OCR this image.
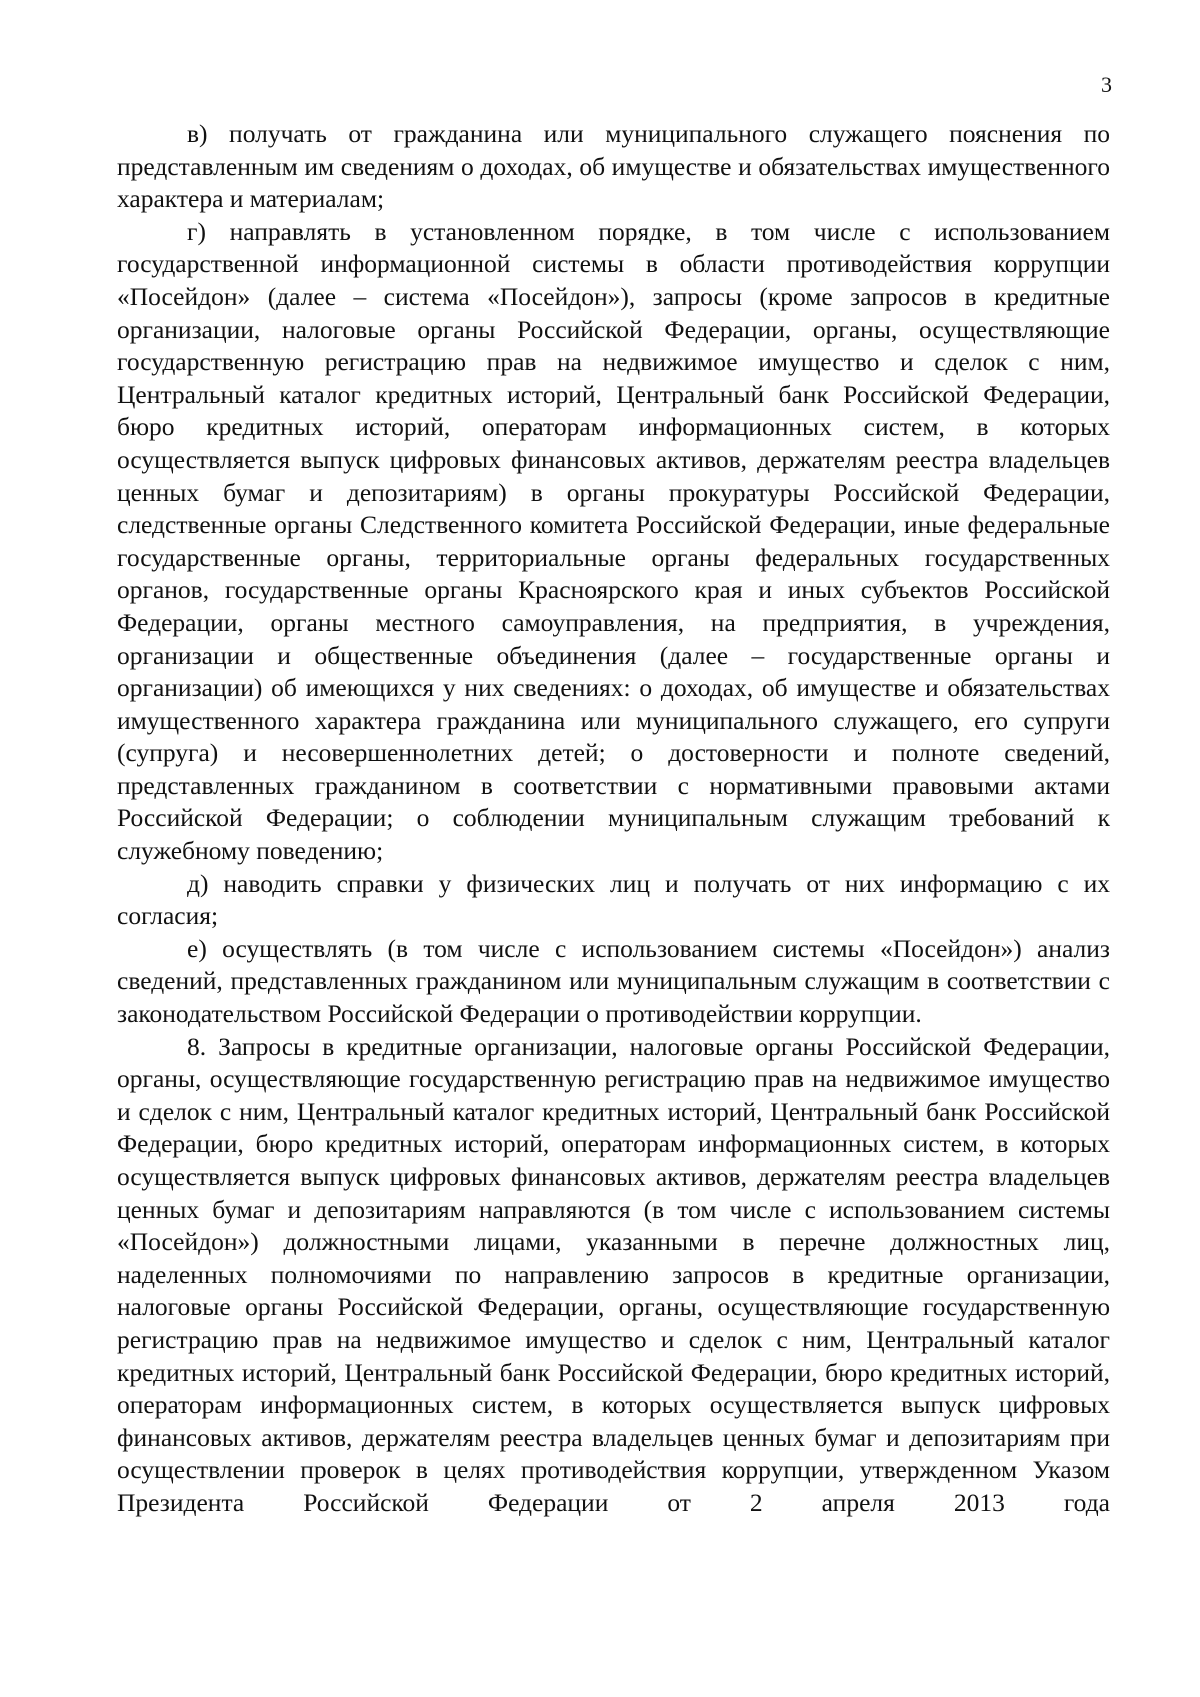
3

в) получать от гражданина или муниципального служащего пояснения по представленным им сведениям о доходах, об имуществе и обязательствах имущественного характера и материалам;

г) направлять в установленном порядке, в том числе с использованием государственной информационной системы в области противодействия коррупции «Посейдон» (далее – система «Посейдон»), запросы (кроме запросов в кредитные организации, налоговые органы Российской Федерации, органы, осуществляющие государственную регистрацию прав на недвижимое имущество и сделок с ним, Центральный каталог кредитных историй, Центральный банк Российской Федерации, бюро кредитных историй, операторам информационных систем, в которых осуществляется выпуск цифровых финансовых активов, держателям реестра владельцев ценных бумаг и депозитариям) в органы прокуратуры Российской Федерации, следственные органы Следственного комитета Российской Федерации, иные федеральные государственные органы, территориальные органы федеральных государственных органов, государственные органы Красноярского края и иных субъектов Российской Федерации, органы местного самоуправления, на предприятия, в учреждения, организации и общественные объединения (далее – государственные органы и организации) об имеющихся у них сведениях: о доходах, об имуществе и обязательствах имущественного характера гражданина или муниципального служащего, его супруги (супруга) и несовершеннолетних детей; о достоверности и полноте сведений, представленных гражданином в соответствии с нормативными правовыми актами Российской Федерации; о соблюдении муниципальным служащим требований к служебному поведению;

д) наводить справки у физических лиц и получать от них информацию с их согласия;

е) осуществлять (в том числе с использованием системы «Посейдон») анализ сведений, представленных гражданином или муниципальным служащим в соответствии с законодательством Российской Федерации о противодействии коррупции.

8. Запросы в кредитные организации, налоговые органы Российской Федерации, органы, осуществляющие государственную регистрацию прав на недвижимое имущество и сделок с ним, Центральный каталог кредитных историй, Центральный банк Российской Федерации, бюро кредитных историй, операторам информационных систем, в которых осуществляется выпуск цифровых финансовых активов, держателям реестра владельцев ценных бумаг и депозитариям направляются (в том числе с использованием системы «Посейдон») должностными лицами, указанными в перечне должностных лиц, наделенных полномочиями по направлению запросов в кредитные организации, налоговые органы Российской Федерации, органы, осуществляющие государственную регистрацию прав на недвижимое имущество и сделок с ним, Центральный каталог кредитных историй, Центральный банк Российской Федерации, бюро кредитных историй, операторам информационных систем, в которых осуществляется выпуск цифровых финансовых активов, держателям реестра владельцев ценных бумаг и депозитариям при осуществлении проверок в целях противодействия коррупции, утвержденном Указом Президента Российской Федерации от 2 апреля 2013 года
